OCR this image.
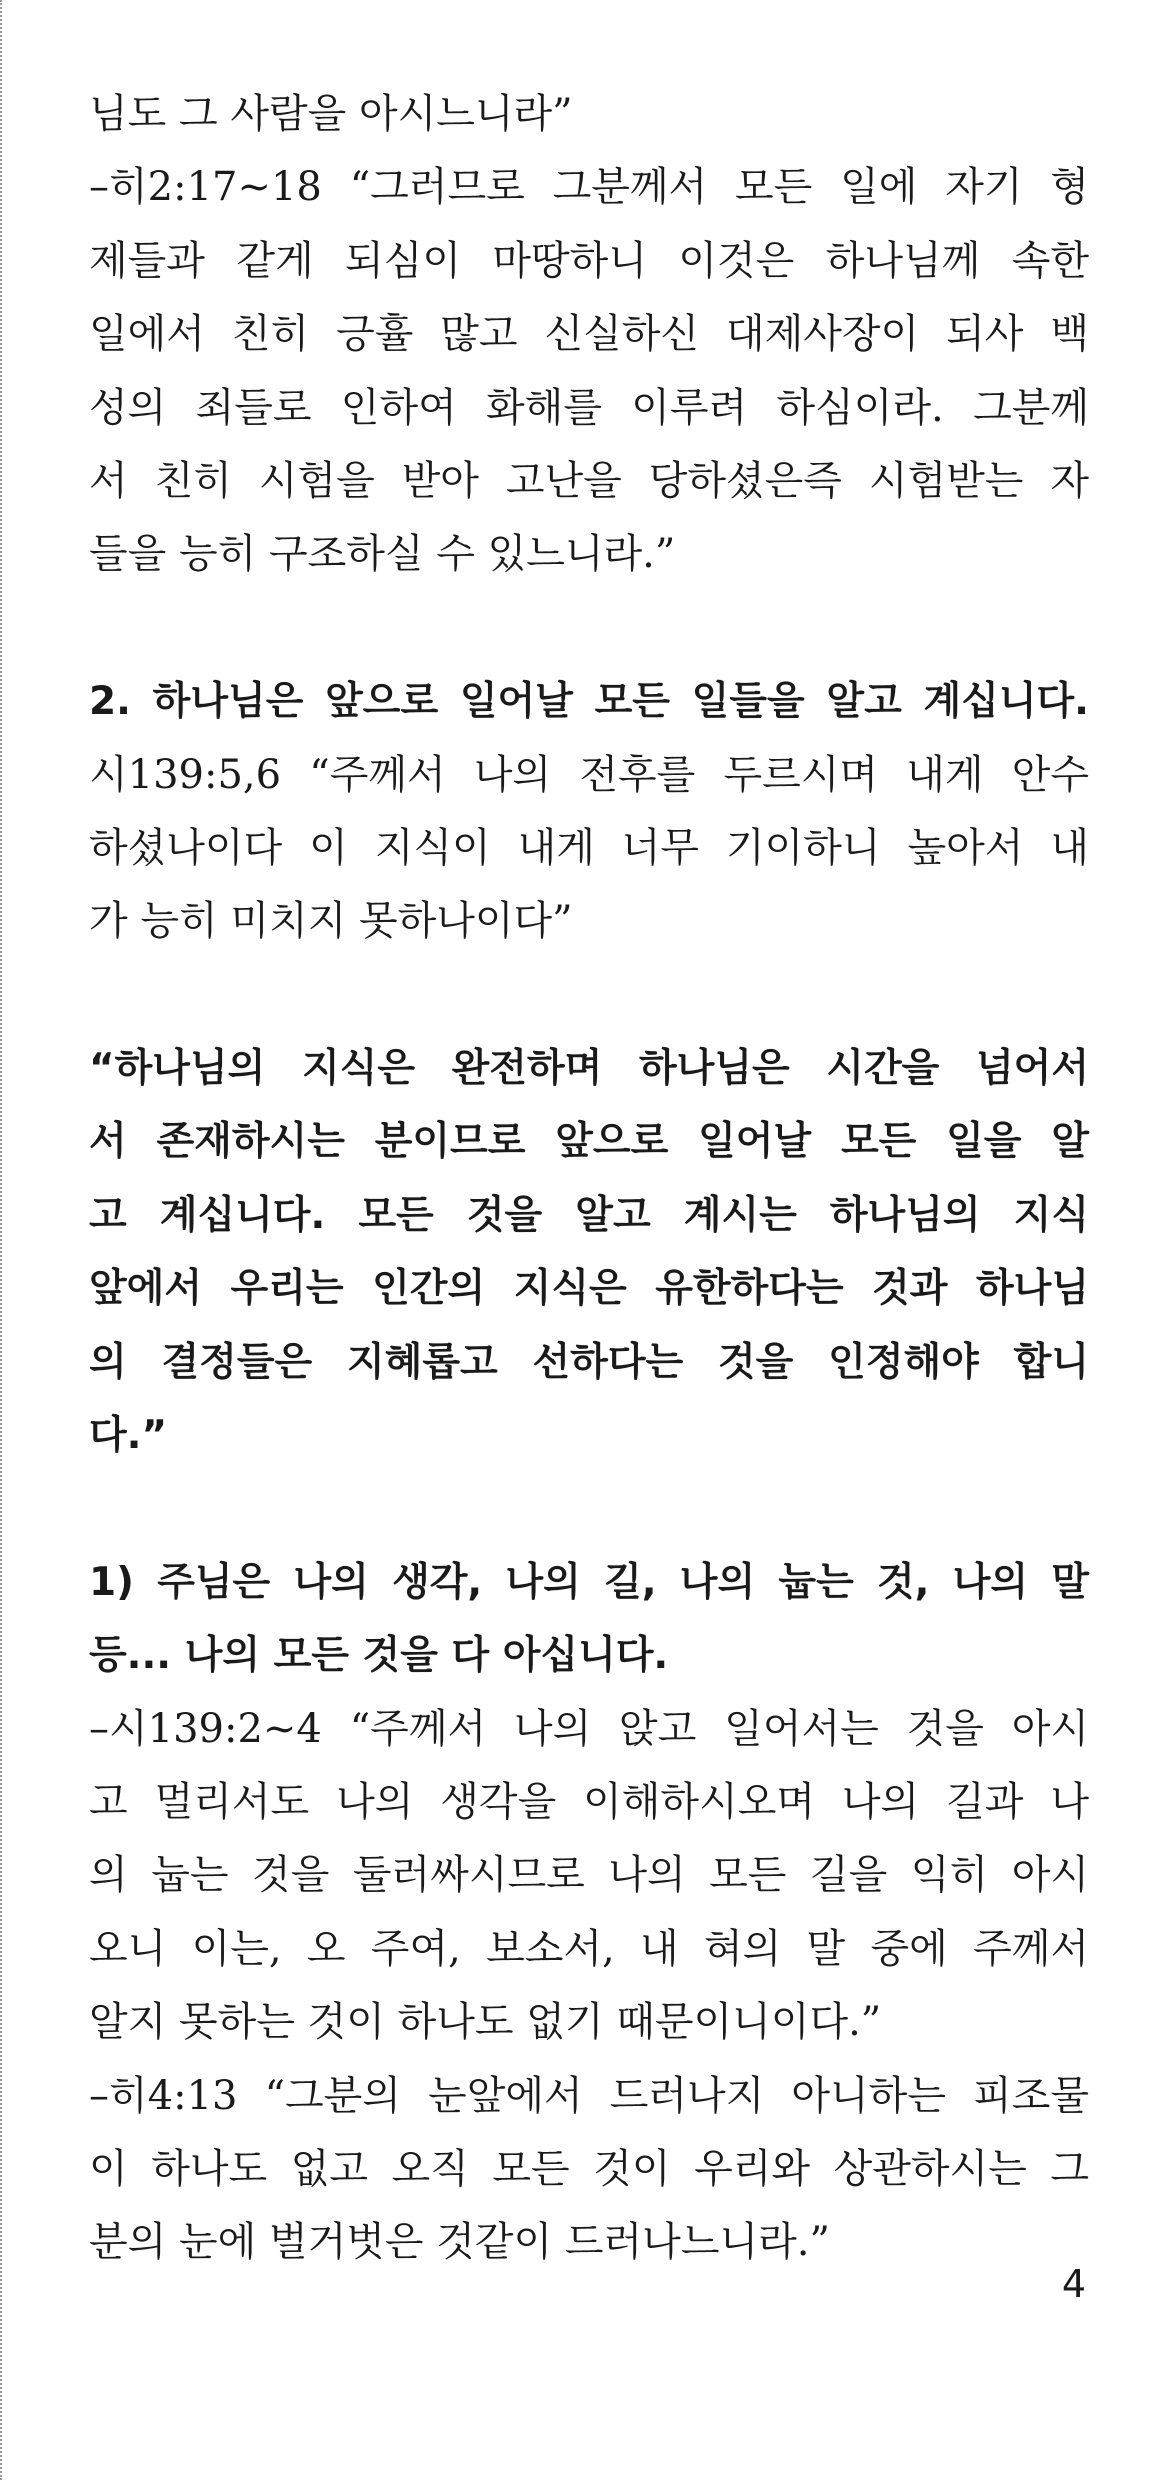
님도 그 사람을 아시느니라”
–히2:17~18 “그러므로 그분께서 모든 일에 자기 형
제들과 같게 되심이 마땅하니 이것은 하나님께 속한
일에서 친히 긍휼 많고 신실하신 대제사장이 되사 백
성의 죄들로 인하여 화해를 이루려 하심이라. 그분께
서 친히 시험을 받아 고난을 당하셨은즉 시험받는 자
들을 능히 구조하실 수 있느니라.”
2. 하나님은 앞으로 일어날 모든 일들을 알고 계십니다.
시139:5,6 “주께서 나의 전후를 두르시며 내게 안수
하셨나이다 이 지식이 내게 너무 기이하니 높아서 내
가 능히 미치지 못하나이다”
“하나님의 지식은 완전하며 하나님은 시간을 넘어서
서 존재하시는 분이므로 앞으로 일어날 모든 일을 알
고 계십니다. 모든 것을 알고 계시는 하나님의 지식
앞에서 우리는 인간의 지식은 유한하다는 것과 하나님
의 결정들은 지혜롭고 선하다는 것을 인정해야 합니
다.”
1) 주님은 나의 생각, 나의 길, 나의 눕는 것, 나의 말
등... 나의 모든 것을 다 아십니다.
–시139:2~4 “주께서 나의 앉고 일어서는 것을 아시
고 멀리서도 나의 생각을 이해하시오며 나의 길과 나
의 눕는 것을 둘러싸시므로 나의 모든 길을 익히 아시
오니 이는, 오 주여, 보소서, 내 혀의 말 중에 주께서
알지 못하는 것이 하나도 없기 때문이니이다.”
–히4:13 “그분의 눈앞에서 드러나지 아니하는 피조물
이 하나도 없고 오직 모든 것이 우리와 상관하시는 그
분의 눈에 벌거벗은 것같이 드러나느니라.”
4
